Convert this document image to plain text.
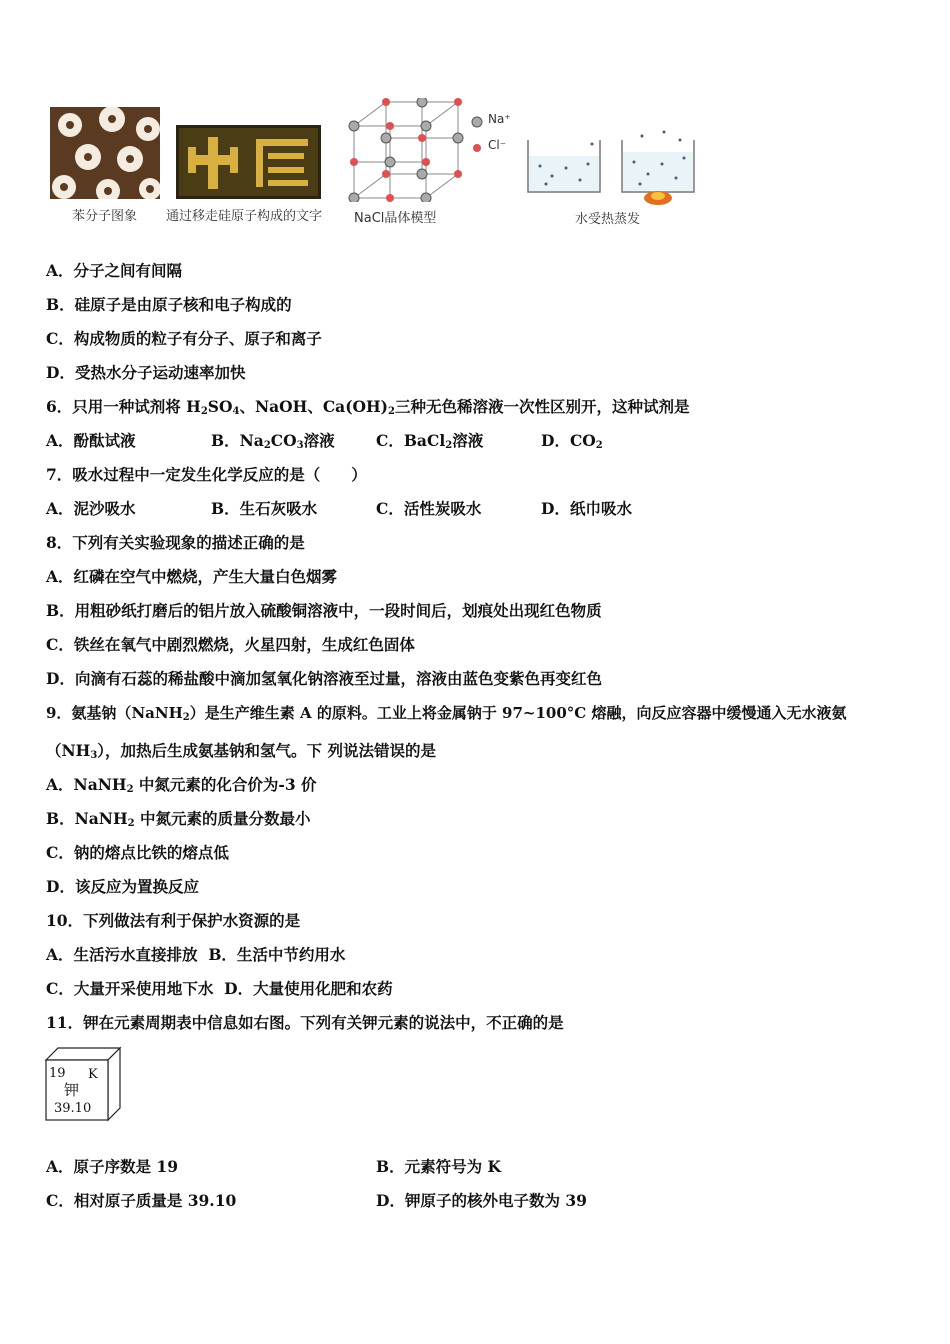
苯分子图象 通过移走硅原子构成的文字
Na⁺
Cl⁻
NaCl晶体模型	水受热蒸发
A．分子之间有间隔
B．硅原子是由原子核和电子构成的
C．构成物质的粒子有分子、原子和离子
D．受热水分子运动速率加快
6．只用一种试剂将 $H_2SO_4$、NaOH、$Ca(OH)_2$三种无色稀溶液一次性区别开，这种试剂是
A．酚酞试液	B．$Na_2CO_3$溶液	C．BaCl$_2$溶液	D．$CO_2$
7．吸水过程中一定发生化学反应的是（　　）
A．泥沙吸水	B．生石灰吸水	C．活性炭吸水	D．纸巾吸水
8．下列有关实验现象的描述正确的是
A．红磷在空气中燃烧，产生大量白色烟雾
B．用粗砂纸打磨后的铝片放入硫酸铜溶液中，一段时间后，划痕处出现红色物质
C．铁丝在氧气中剧烈燃烧，火星四射，生成红色固体
D．向滴有石蕊的稀盐酸中滴加氢氧化钠溶液至过量，溶液由蓝色变紫色再变红色
9．氨基钠（NaNH$_2$）是生产维生素 A 的原料。工业上将金属钠于 97~100°C 熔融，向反应容器中缓慢通入无水液氨
$(NH_3)$，加热后生成氨基钠和氢气。下 列说法错误的是
A．NaNH$_2$ 中氮元素的化合价为-3 价
B．NaNH$_2$ 中氮元素的质量分数最小
C．钠的熔点比铁的熔点低
D．该反应为置换反应
10．下列做法有利于保护水资源的是
A．生活污水直接排放 B．生活中节约用水
C．大量开采使用地下水 D．大量使用化肥和农药
11．钾在元素周期表中信息如右图。下列有关钾元素的说法中，不正确的是
19 K
钾
39.10
A．原子序数是 19	B．元素符号为 K
C．相对原子质量是 39.10	D．钾原子的核外电子数为 39
